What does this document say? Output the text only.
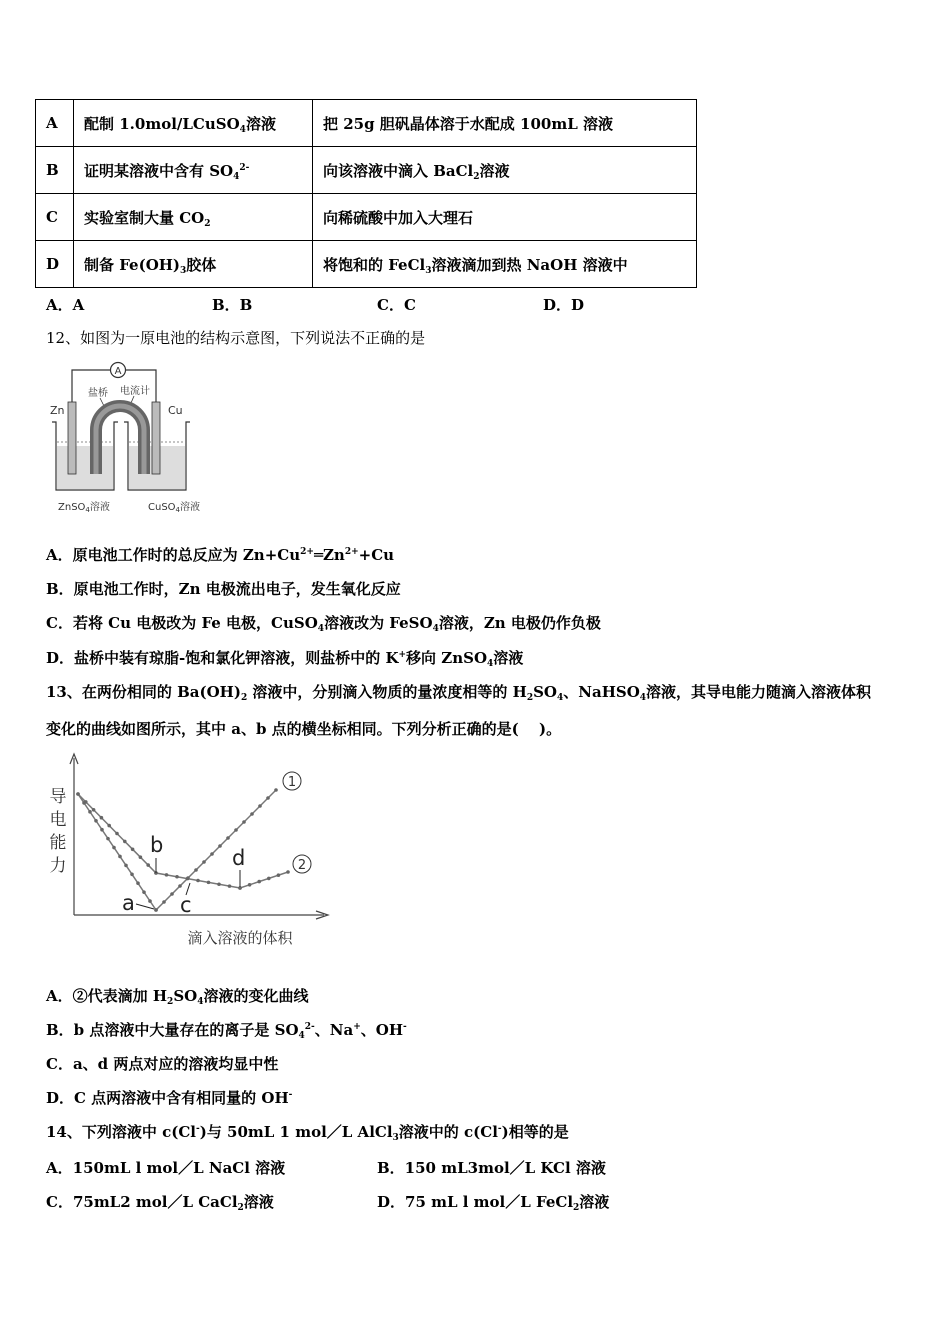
A	配制 1.0mol/LCuSO$_4$溶液	把 25g 胆矾晶体溶于水配成 100mL 溶液
B	证明某溶液中含有 $SO_4^{2-}$	向该溶液中滴入 BaCl$_2$溶液
C	实验室制大量 $CO_2$	向稀硫酸中加入大理石
D	制备 $Fe(OH)_3$胶体	将饱和的 FeCl$_3$溶液滴加到热 NaOH 溶液中
A．A	B．B	C．C	D．D
12、如图为一原电池的结构示意图，下列说法不正确的是
A
盐桥 电流计
Zn	Cu
ZnSO$_4$溶液	CuSO$_4$溶液
A．原电池工作时的总反应为 $Zn+Cu^{2+}═Zn^{2+}+Cu$
B．原电池工作时，Zn 电极流出电子，发生氧化反应
C．若将 Cu 电极改为 Fe 电极，CuSO$_4$溶液改为 FeSO$_4$溶液，Zn 电极仍作负极
D．盐桥中装有琼脂-饱和氯化钾溶液，则盐桥中的 K+移向 ZnSO$_4$溶液
13、在两份相同的 $Ba(OH)_2$ 溶液中，分别滴入物质的量浓度相等的 $H_2SO_4$、NaHSO$_4$溶液，其导电能力随滴入溶液体积
变化的曲线如图所示，其中 a、b 点的横坐标相同。下列分析正确的是(　 )。
导
电
能
力
滴入溶液的体积
b
a c
d
1
2
A．②代表滴加 $H_2SO_4$溶液的变化曲线
B．b 点溶液中大量存在的离子是 $SO_4^{2-}$、Na+、OH-
C．a、d 两点对应的溶液均显中性
D．C 点两溶液中含有相同量的 OH-
14、下列溶液中 c(Cl-)与 50mL 1 mol／L AlCl$_3$溶液中的 c(Cl-)相等的是
A．150mL l mol／L NaCl 溶液	B．150 mL3mol／L KCl 溶液
C．75mL2 mol／L CaCl$_2$溶液	D．75 mL l mol／L FeCl$_2$溶液
